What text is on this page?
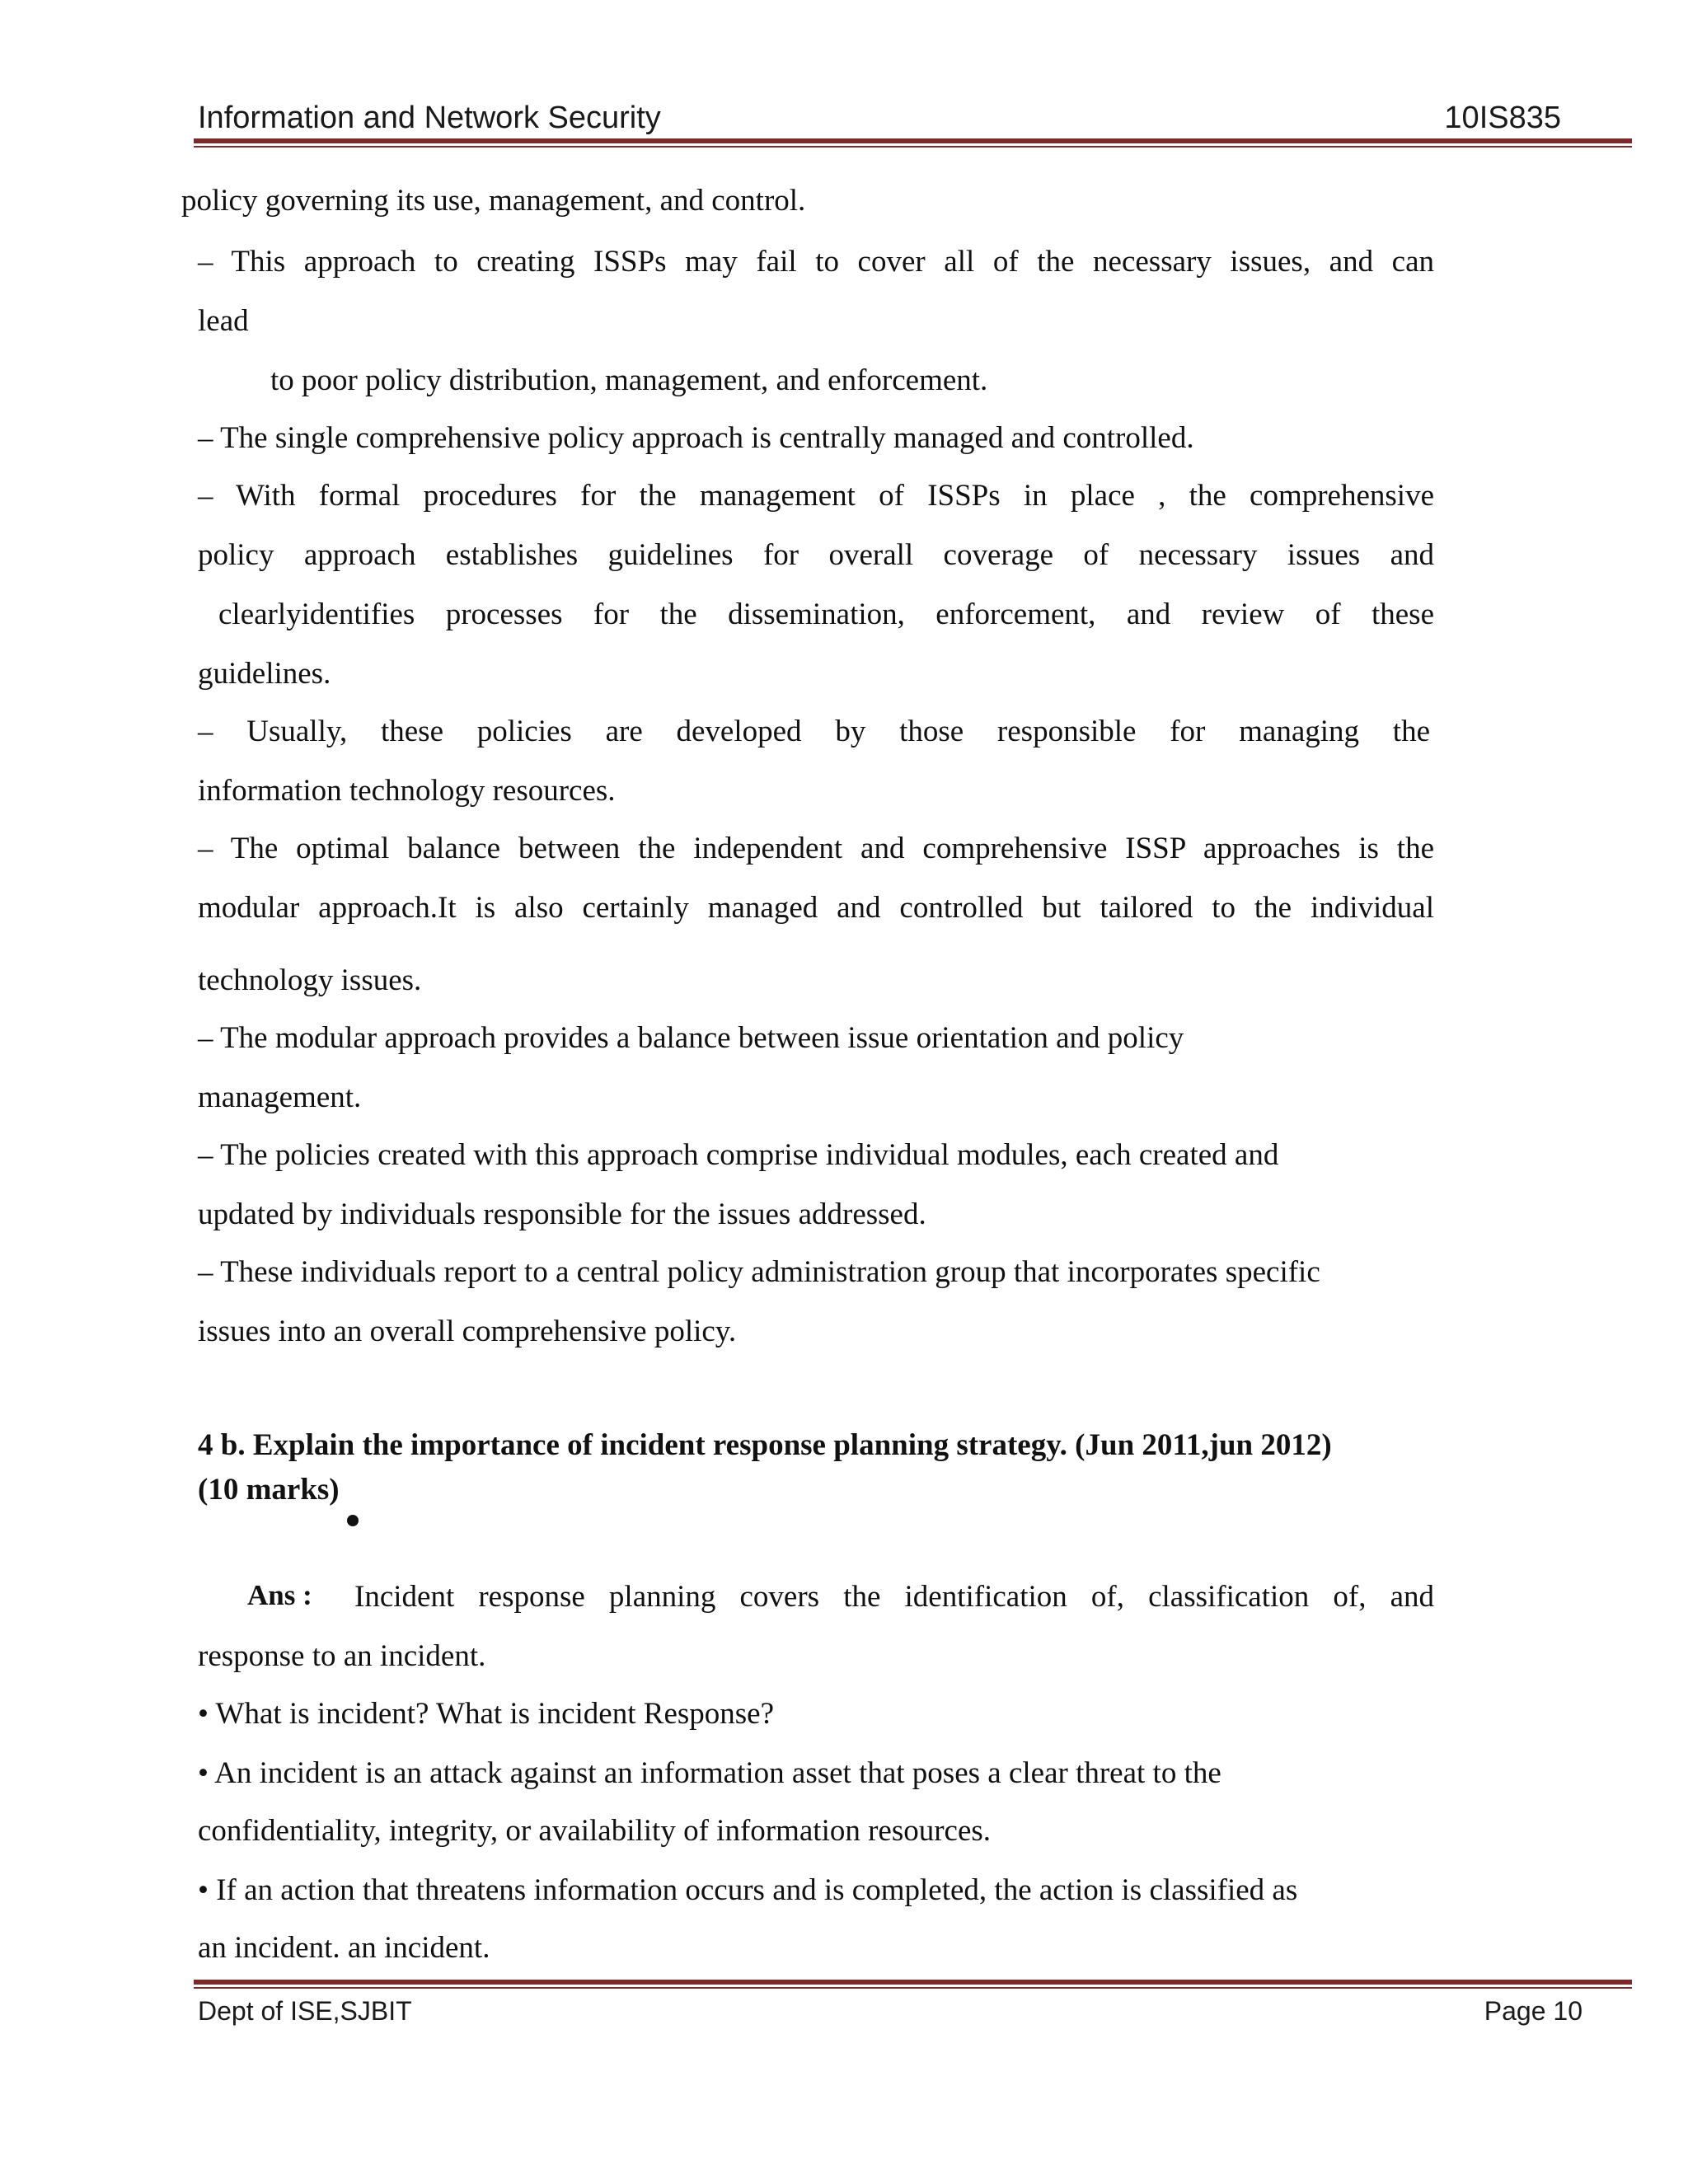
Information and Network Security	10IS835
policy governing its use, management, and control.
– This approach to creating ISSPs may fail to cover all of the necessary issues, and can
lead
to poor policy distribution, management, and enforcement.
– The single comprehensive policy approach is centrally managed and controlled.
– With formal procedures for the management of ISSPs in place , the comprehensive
policy approach establishes guidelines for overall coverage of necessary issues and
clearlyidentifies processes for the dissemination, enforcement, and review of these
guidelines.
– Usually, these policies are developed by those responsible for managing the
information technology resources.
– The optimal balance between the independent and comprehensive ISSP approaches is the
modular approach.It is also certainly managed and controlled but tailored to the individual
technology issues.
– The modular approach provides a balance between issue orientation and policy
management.
– The policies created with this approach comprise individual modules, each created and
updated by individuals responsible for the issues addressed.
– These individuals report to a central policy administration group that incorporates specific
issues into an overall comprehensive policy.
4 b. Explain the importance of incident response planning strategy. (Jun 2011,jun 2012)
(10 marks)
Ans : Incident response planning covers the identification of, classification of, and
response to an incident.
• What is incident? What is incident Response?
• An incident is an attack against an information asset that poses a clear threat to the
confidentiality, integrity, or availability of information resources.
• If an action that threatens information occurs and is completed, the action is classified as
an incident. an incident.
Dept of ISE,SJBIT	Page 10
